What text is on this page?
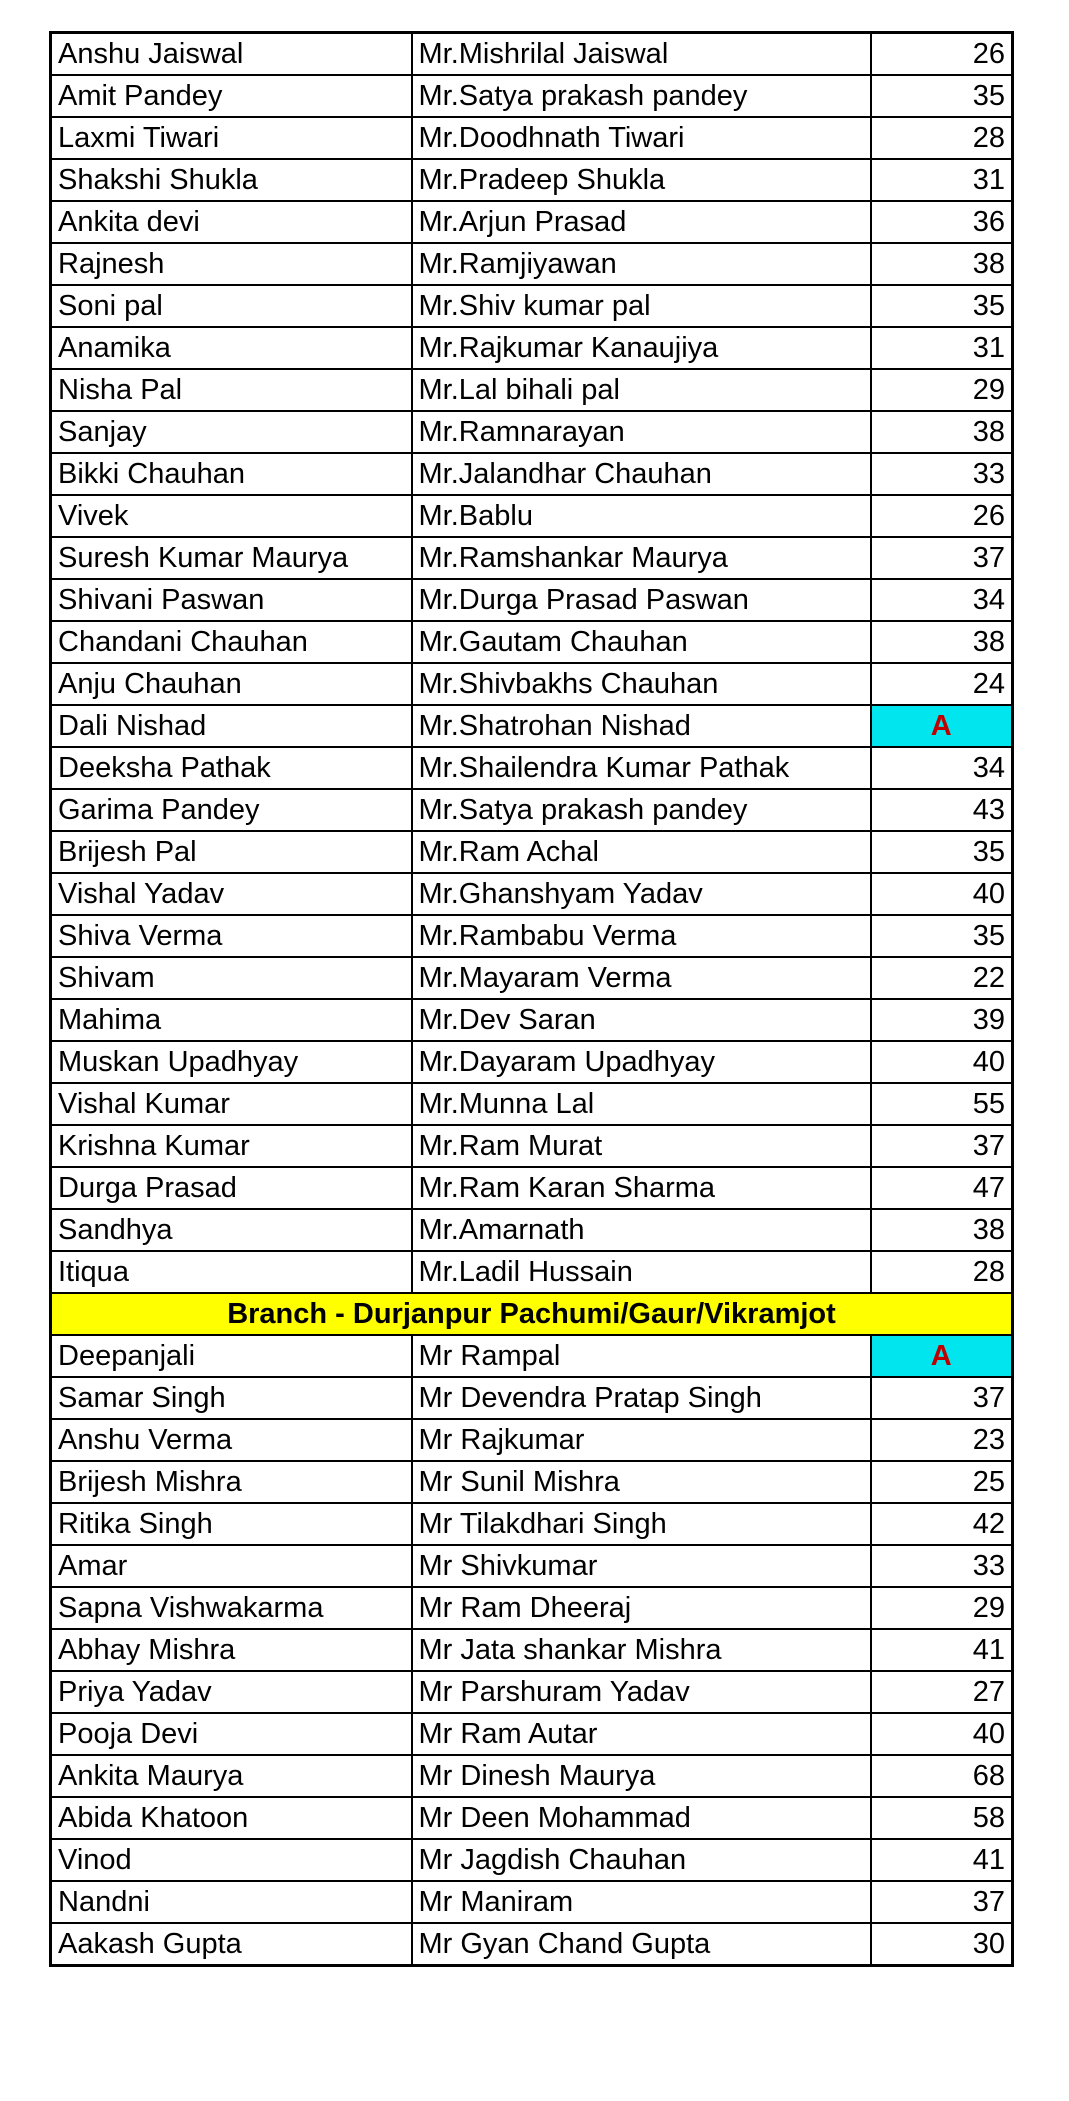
Anshu Jaiswal	Mr.Mishrilal Jaiswal	26
Amit Pandey	Mr.Satya prakash pandey	35
Laxmi Tiwari	Mr.Doodhnath Tiwari	28
Shakshi Shukla	Mr.Pradeep Shukla	31
Ankita devi	Mr.Arjun Prasad	36
Rajnesh	Mr.Ramjiyawan	38
Soni pal	Mr.Shiv kumar pal	35
Anamika	Mr.Rajkumar Kanaujiya	31
Nisha Pal	Mr.Lal bihali pal	29
Sanjay	Mr.Ramnarayan	38
Bikki Chauhan	Mr.Jalandhar Chauhan	33
Vivek	Mr.Bablu	26
Suresh Kumar Maurya	Mr.Ramshankar Maurya	37
Shivani Paswan	Mr.Durga Prasad Paswan	34
Chandani Chauhan	Mr.Gautam Chauhan	38
Anju Chauhan	Mr.Shivbakhs Chauhan	24
Dali Nishad	Mr.Shatrohan Nishad	A
Deeksha Pathak	Mr.Shailendra Kumar Pathak	34
Garima Pandey	Mr.Satya prakash pandey	43
Brijesh Pal	Mr.Ram Achal	35
Vishal Yadav	Mr.Ghanshyam Yadav	40
Shiva Verma	Mr.Rambabu Verma	35
Shivam	Mr.Mayaram Verma	22
Mahima	Mr.Dev Saran	39
Muskan Upadhyay	Mr.Dayaram Upadhyay	40
Vishal Kumar	Mr.Munna Lal	55
Krishna Kumar	Mr.Ram Murat	37
Durga Prasad	Mr.Ram Karan Sharma	47
Sandhya	Mr.Amarnath	38
Itiqua	Mr.Ladil Hussain	28
Branch - Durjanpur Pachumi/Gaur/Vikramjot		
Deepanjali	Mr Rampal	A
Samar Singh	Mr Devendra Pratap Singh	37
Anshu Verma	Mr Rajkumar	23
Brijesh Mishra	Mr Sunil Mishra	25
Ritika Singh	Mr Tilakdhari Singh	42
Amar	Mr Shivkumar	33
Sapna Vishwakarma	Mr Ram Dheeraj	29
Abhay Mishra	Mr Jata shankar Mishra	41
Priya Yadav	Mr Parshuram Yadav	27
Pooja Devi	Mr Ram Autar	40
Ankita Maurya	Mr Dinesh Maurya	68
Abida Khatoon	Mr Deen Mohammad	58
Vinod	Mr Jagdish Chauhan	41
Nandni	Mr Maniram	37
Aakash Gupta	Mr Gyan Chand Gupta	30
